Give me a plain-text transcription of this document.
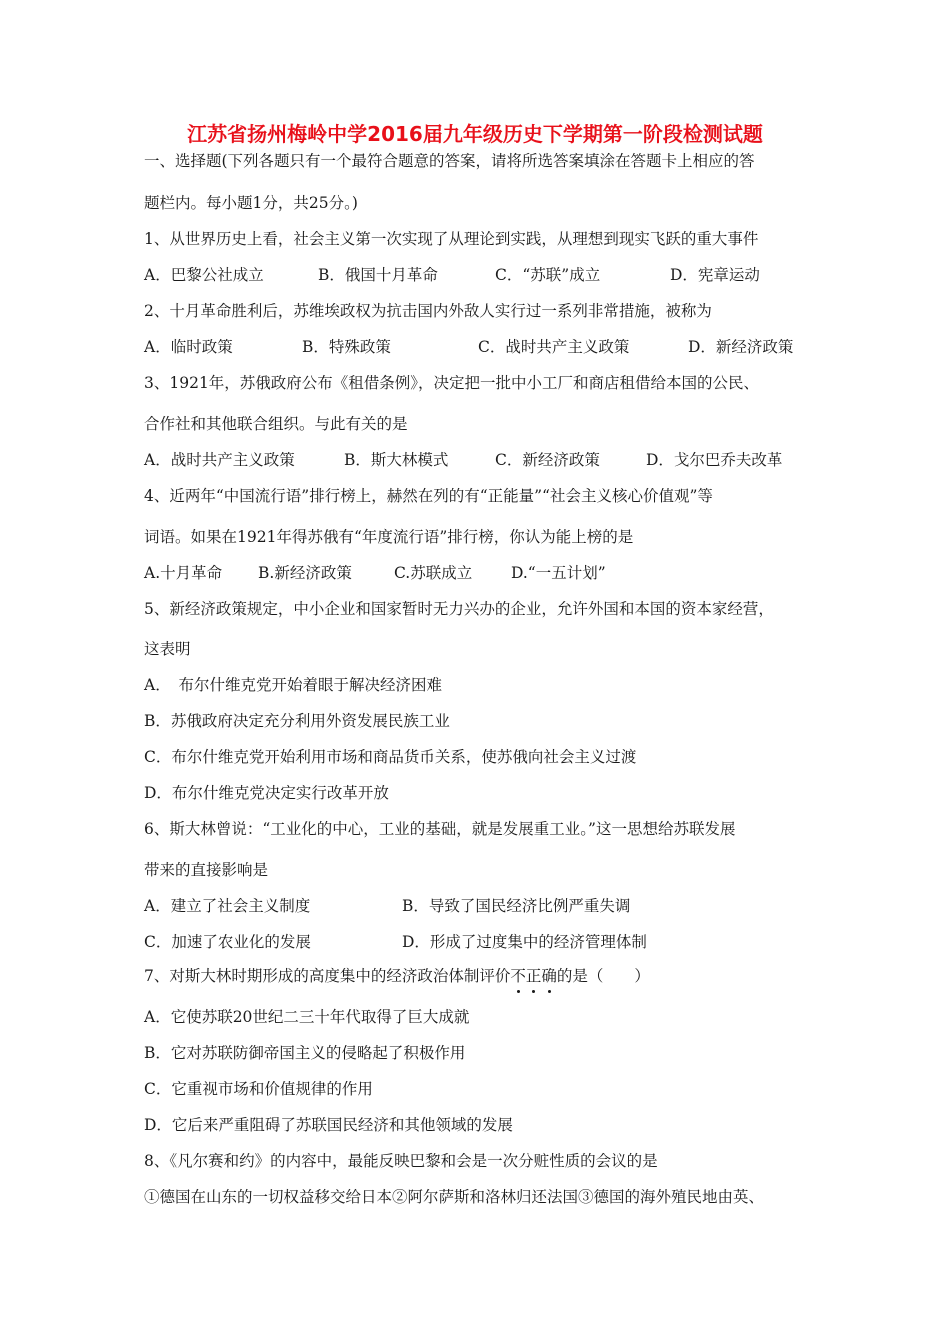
江苏省扬州梅岭中学2016届九年级历史下学期第一阶段检测试题
一、选择题(下列各题只有一个最符合题意的答案，请将所选答案填涂在答题卡上相应的答
题栏内。每小题1分，共25分。)
1、从世界历史上看，社会主义第一次实现了从理论到实践，从理想到现实飞跃的重大事件
A．巴黎公社成立	B．俄国十月革命	C．“苏联”成立	D．宪章运动
2、十月革命胜利后，苏维埃政权为抗击国内外敌人实行过一系列非常措施，被称为
A．临时政策	B．特殊政策	C．战时共产主义政策	D．新经济政策
3、1921年，苏俄政府公布《租借条例》，决定把一批中小工厂和商店租借给本国的公民、
合作社和其他联合组织。与此有关的是
A．战时共产主义政策	B．斯大林模式	C．新经济政策	D．戈尔巴乔夫改革
4、近两年“中国流行语”排行榜上，赫然在列的有“正能量”“社会主义核心价值观”等
词语。如果在1921年得苏俄有“年度流行语”排行榜，你认为能上榜的是
A.十月革命 B.新经济政策	C.苏联成立	D.“一五计划”
5、新经济政策规定，中小企业和国家暂时无力兴办的企业，允许外国和本国的资本家经营，
这表明
A．　布尔什维克党开始着眼于解决经济困难
B．苏俄政府决定充分利用外资发展民族工业
C．布尔什维克党开始利用市场和商品货币关系，使苏俄向社会主义过渡
D．布尔什维克党决定实行改革开放
6、斯大林曾说：“工业化的中心，工业的基础，就是发展重工业。”这一思想给苏联发展
带来的直接影响是
A．建立了社会主义制度	B．导致了国民经济比例严重失调
C．加速了农业化的发展	D．形成了过度集中的经济管理体制
7、对斯大林时期形成的高度集中的经济政治体制评价不正确的是（　　）
A．它使苏联20世纪二三十年代取得了巨大成就
B．它对苏联防御帝国主义的侵略起了积极作用
C．它重视市场和价值规律的作用
D．它后来严重阻碍了苏联国民经济和其他领域的发展
8、《凡尔赛和约》的内容中，最能反映巴黎和会是一次分赃性质的会议的是
①德国在山东的一切权益移交给日本②阿尔萨斯和洛林归还法国③德国的海外殖民地由英、
